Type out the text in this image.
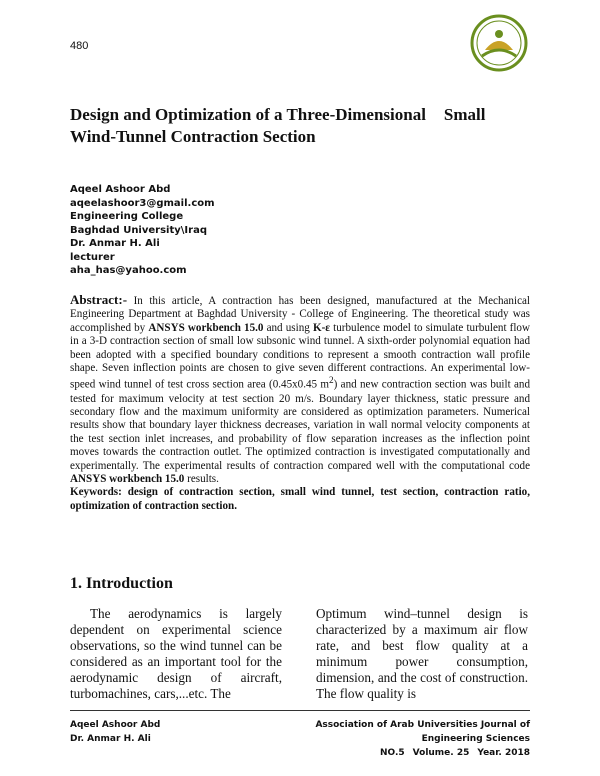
480
Design and Optimization of a Three-Dimensional Small
Wind-Tunnel Contraction Section
Aqeel Ashoor Abd
aqeelashoor3@gmail.com
Engineering College
Baghdad University\Iraq
Dr. Anmar H. Ali
lecturer
aha_has@yahoo.com
Abstract:- In this article, A contraction has been designed, manufactured at the Mechanical Engineering Department at Baghdad University - College of Engineering. The theoretical study was accomplished by ANSYS workbench 15.0 and using K-ε turbulence model to simulate turbulent flow in a 3-D contraction section of small low subsonic wind tunnel. A sixth-order polynomial equation had been adopted with a specified boundary conditions to represent a smooth contraction wall profile shape. Seven inflection points are chosen to give seven different contractions. An experimental low-speed wind tunnel of test cross section area (0.45x0.45 $m^2$) and new contraction section was built and tested for maximum velocity at test section 20 m/s. Boundary layer thickness, static pressure and secondary flow and the maximum uniformity are considered as optimization parameters. Numerical results show that boundary layer thickness decreases, variation in wall normal velocity components at the test section inlet increases, and probability of flow separation increases as the inflection point moves towards the contraction outlet. The optimized contraction is investigated computationally and experimentally. The experimental results of contraction compared well with the computational code ANSYS workbench 15.0 results.
Keywords: design of contraction section, small wind tunnel, test section, contraction ratio, optimization of contraction section.
1. Introduction
The aerodynamics is largely dependent on experimental science observations, so the wind tunnel can be considered as an important tool for the aerodynamic design of aircraft, turbomachines, cars,...etc. The
Optimum wind–tunnel design is characterized by a maximum air flow rate, and best flow quality at a minimum power consumption, dimension, and the cost of construction. The flow quality is
Aqeel Ashoor Abd
Dr. Anmar H. Ali
Association of Arab Universities Journal of Engineering Sciences
NO.5 Volume. 25 Year. 2018
